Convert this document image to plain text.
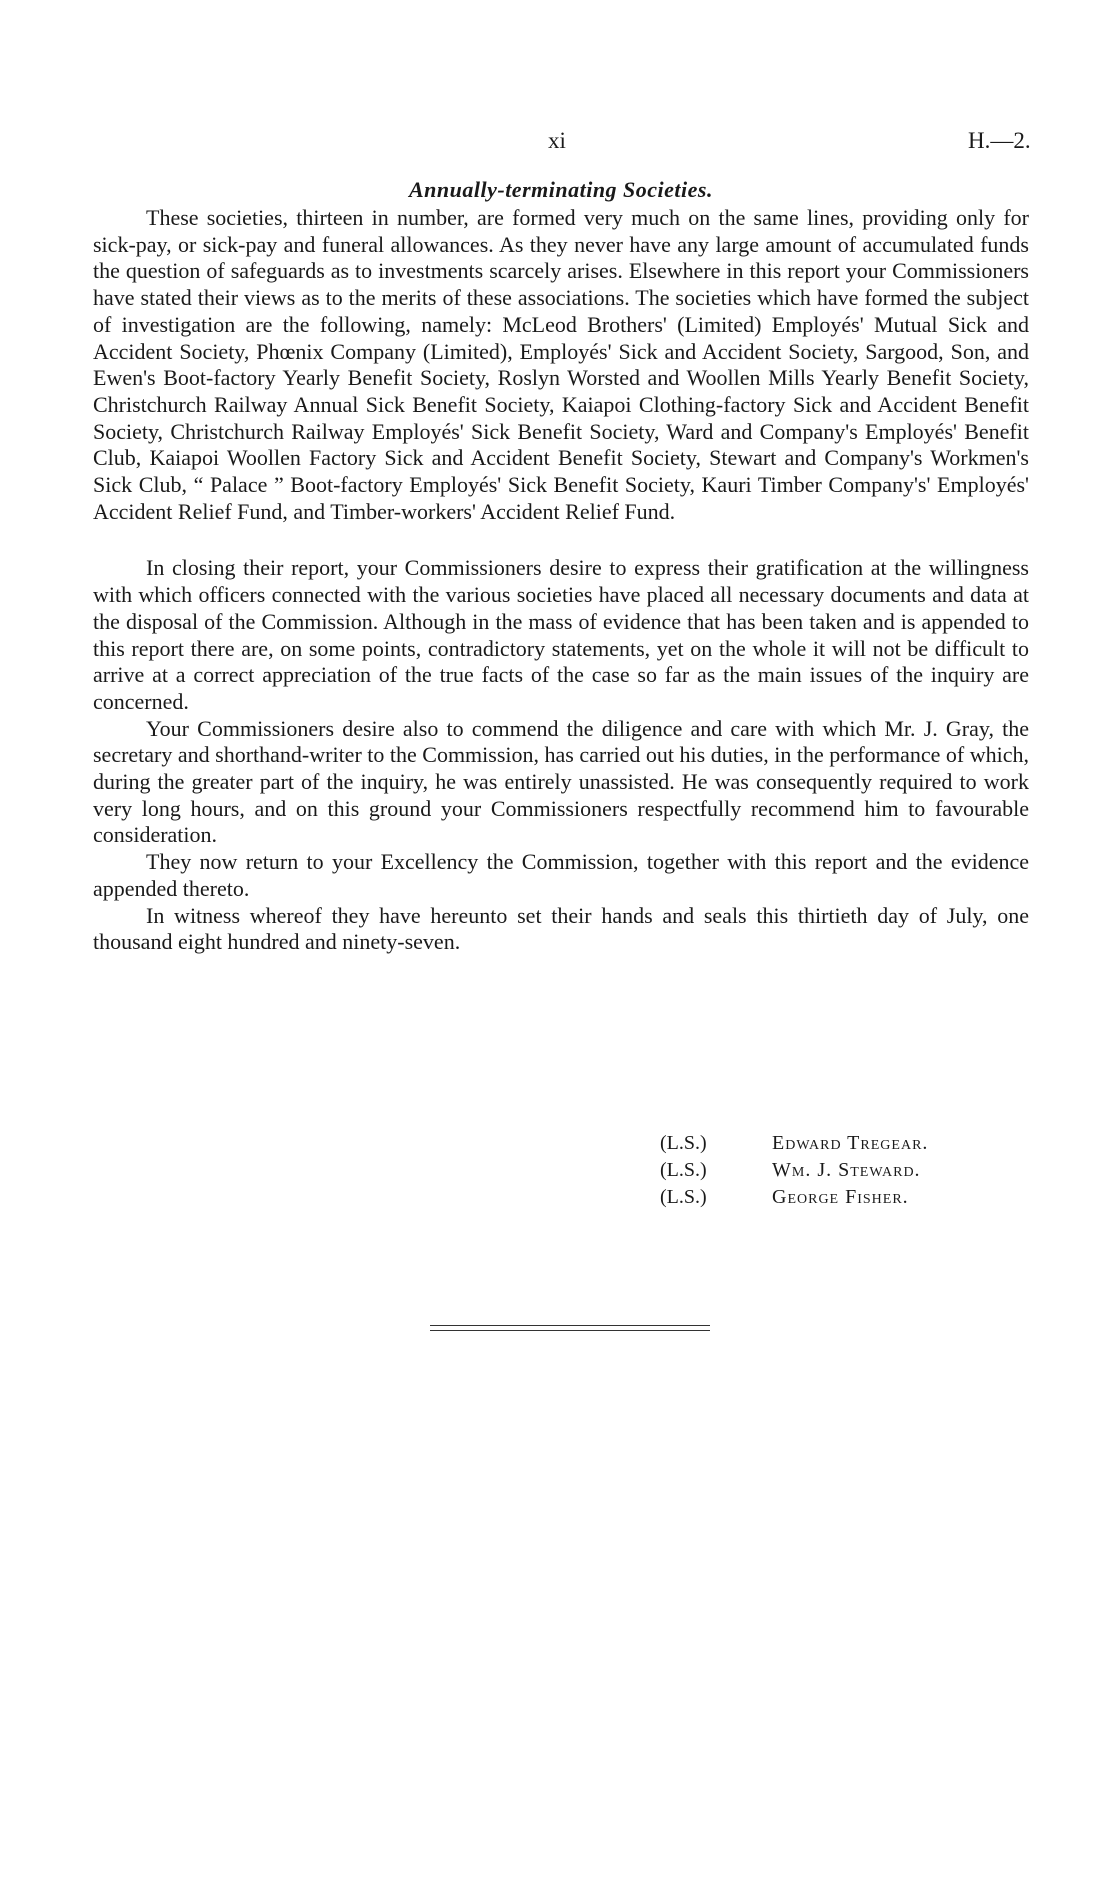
xi	H.—2.
Annually-terminating Societies.

These societies, thirteen in number, are formed very much on the same lines, providing only for sick-pay, or sick-pay and funeral allowances. As they never have any large amount of accumulated funds the question of safeguards as to investments scarcely arises. Elsewhere in this report your Commissioners have stated their views as to the merits of these associations. The societies which have formed the subject of investigation are the following, namely: McLeod Brothers' (Limited) Employés' Mutual Sick and Accident Society, Phœnix Company (Limited), Employés' Sick and Accident Society, Sargood, Son, and Ewen's Boot-factory Yearly Benefit Society, Roslyn Worsted and Woollen Mills Yearly Benefit Society, Christchurch Railway Annual Sick Benefit Society, Kaiapoi Clothing-factory Sick and Accident Benefit Society, Christchurch Railway Employés' Sick Benefit Society, Ward and Company's Employés' Benefit Club, Kaiapoi Woollen Factory Sick and Accident Benefit Society, Stewart and Company's Workmen's Sick Club, “ Palace ” Boot-factory Employés' Sick Benefit Society, Kauri Timber Company's' Employés' Accident Relief Fund, and Timber-workers' Accident Relief Fund.

In closing their report, your Commissioners desire to express their gratification at the willingness with which officers connected with the various societies have placed all necessary documents and data at the disposal of the Commission. Although in the mass of evidence that has been taken and is appended to this report there are, on some points, contradictory statements, yet on the whole it will not be difficult to arrive at a correct appreciation of the true facts of the case so far as the main issues of the inquiry are concerned.

Your Commissioners desire also to commend the diligence and care with which Mr. J. Gray, the secretary and shorthand-writer to the Commission, has carried out his duties, in the performance of which, during the greater part of the inquiry, he was entirely unassisted. He was consequently required to work very long hours, and on this ground your Commissioners respectfully recommend him to favourable consideration.

They now return to your Excellency the Commission, together with this report and the evidence appended thereto.

In witness whereof they have hereunto set their hands and seals this thirtieth day of July, one thousand eight hundred and ninety-seven.

(L.S.)	Edward Tregear.
(L.S.)	Wm. J. Steward.
(L.S.)	George Fisher.
